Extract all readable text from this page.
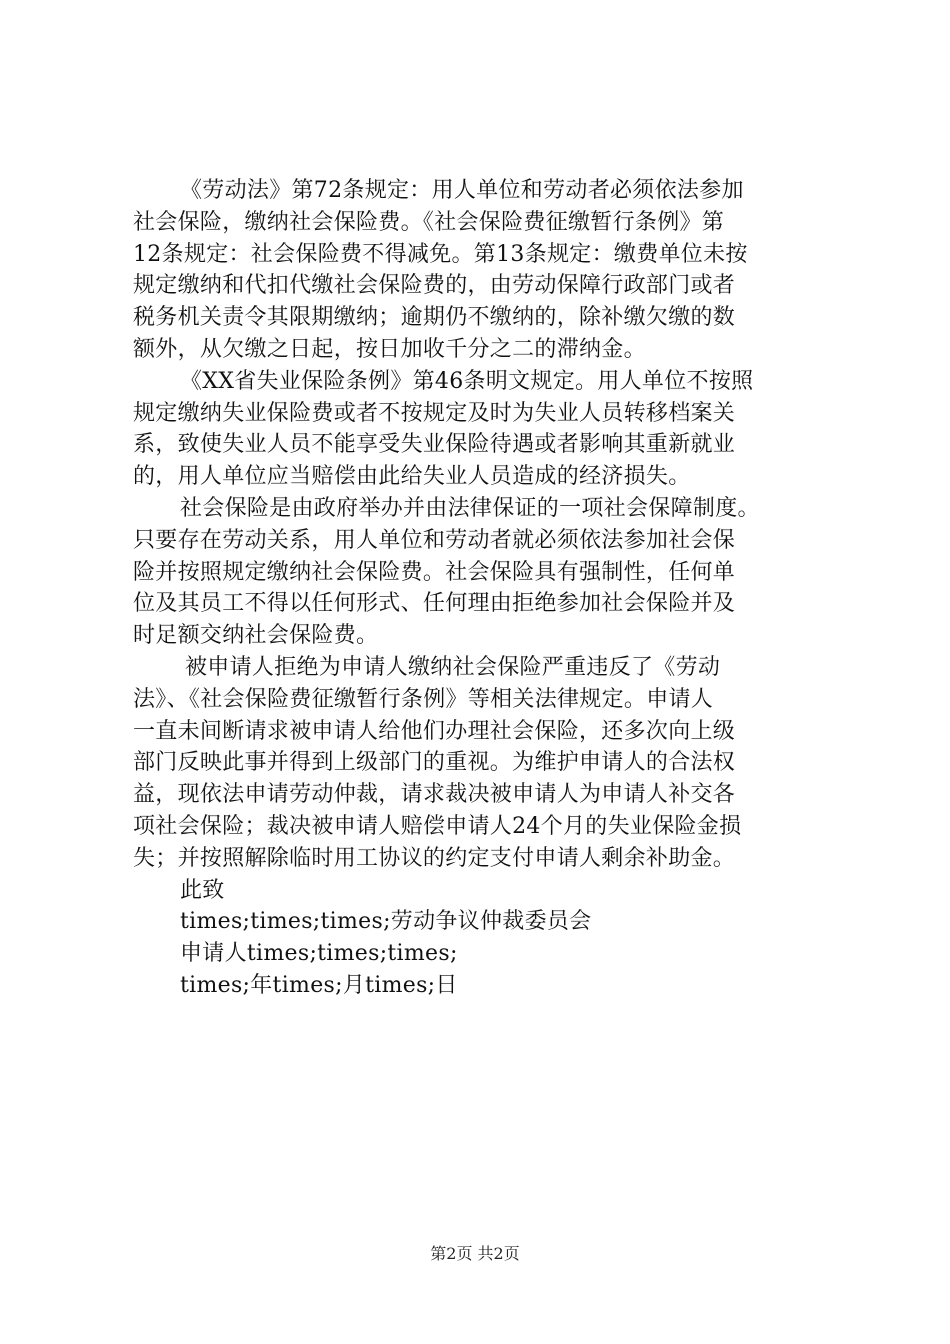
《劳动法》第72条规定：用人单位和劳动者必须依法参加
社会保险，缴纳社会保险费。《社会保险费征缴暂行条例》第
12条规定：社会保险费不得减免。第13条规定：缴费单位未按
规定缴纳和代扣代缴社会保险费的，由劳动保障行政部门或者
税务机关责令其限期缴纳；逾期仍不缴纳的，除补缴欠缴的数
额外，从欠缴之日起，按日加收千分之二的滞纳金。
《XX省失业保险条例》第46条明文规定。用人单位不按照
规定缴纳失业保险费或者不按规定及时为失业人员转移档案关
系，致使失业人员不能享受失业保险待遇或者影响其重新就业
的，用人单位应当赔偿由此给失业人员造成的经济损失。
社会保险是由政府举办并由法律保证的一项社会保障制度。
只要存在劳动关系，用人单位和劳动者就必须依法参加社会保
险并按照规定缴纳社会保险费。社会保险具有强制性，任何单
位及其员工不得以任何形式、任何理由拒绝参加社会保险并及
时足额交纳社会保险费。
被申请人拒绝为申请人缴纳社会保险严重违反了《劳动
法》、《社会保险费征缴暂行条例》等相关法律规定。申请人
一直未间断请求被申请人给他们办理社会保险，还多次向上级
部门反映此事并得到上级部门的重视。为维护申请人的合法权
益，现依法申请劳动仲裁，请求裁决被申请人为申请人补交各
项社会保险；裁决被申请人赔偿申请人24个月的失业保险金损
失；并按照解除临时用工协议的约定支付申请人剩余补助金。
此致
times;times;times;劳动争议仲裁委员会
申请人times;times;times;
times;年times;月times;日
第2页 共2页
